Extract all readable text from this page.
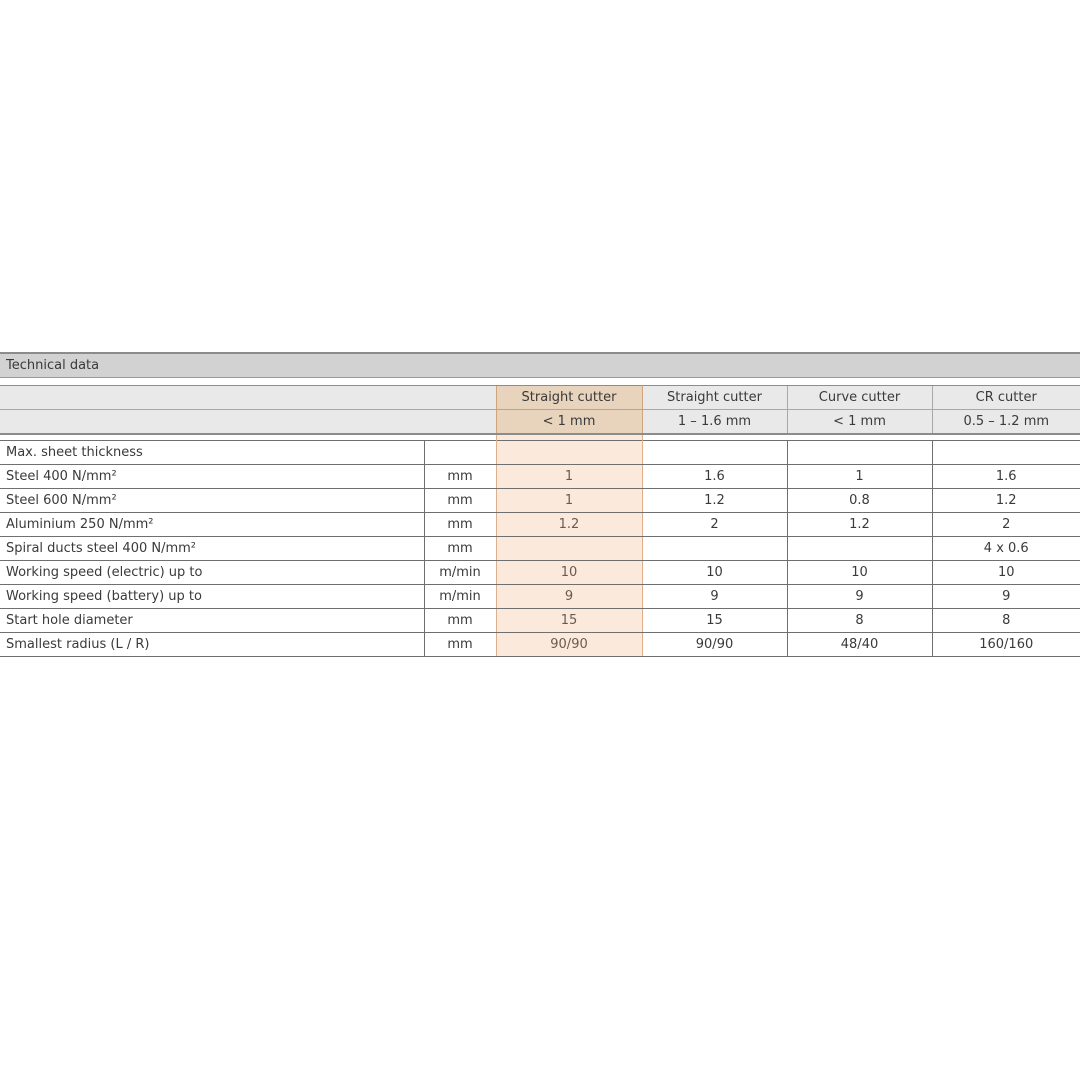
Technical data
		Straight cutter	Straight cutter	Curve cutter	CR cutter
		< 1 mm	1 – 1.6 mm	< 1 mm	0.5 – 1.2 mm

Max. sheet thickness					
Steel 400 N/mm²	mm	1	1.6	1	1.6
Steel 600 N/mm²	mm	1	1.2	0.8	1.2
Aluminium 250 N/mm²	mm	1.2	2	1.2	2
Spiral ducts steel 400 N/mm²	mm				4 x 0.6
Working speed (electric) up to	m/min	10	10	10	10
Working speed (battery) up to	m/min	9	9	9	9
Start hole diameter	mm	15	15	8	8
Smallest radius (L / R)	mm	90/90	90/90	48/40	160/160
